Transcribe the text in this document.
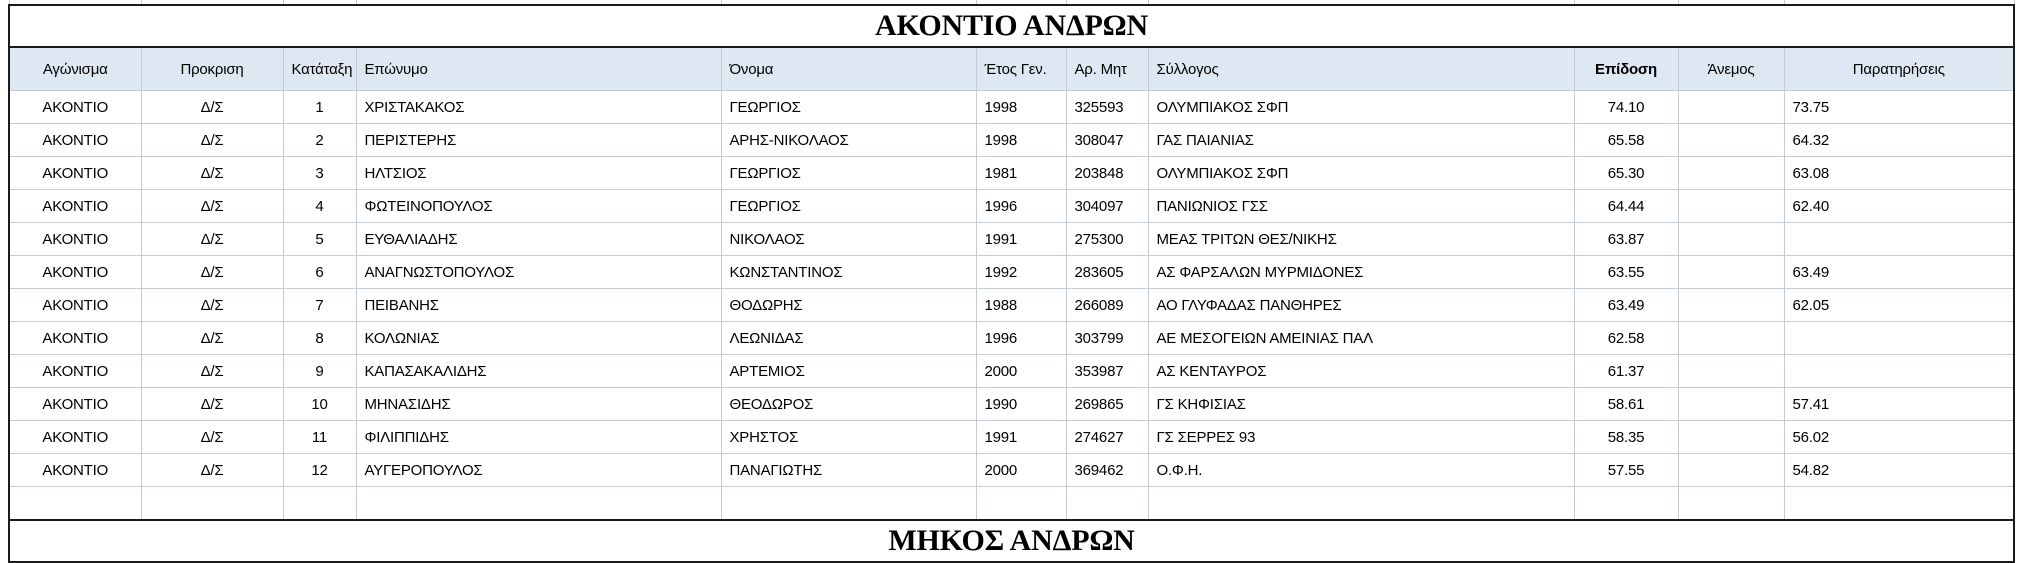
ΑΚΟΝΤΙΟ ΑΝΔΡΩΝ										
Αγώνισμα	Προκριση	Κατάταξη	Επώνυμο	Όνομα	Έτος Γεν.	Αρ. Μητ	Σύλλογος	Επίδοση	Άνεμος	Παρατηρήσεις
ΑΚΟΝΤΙΟ	Δ/Σ	1	ΧΡΙΣΤΑΚΑΚΟΣ	ΓΕΩΡΓΙΟΣ	1998	325593	ΟΛΥΜΠΙΑΚΟΣ ΣΦΠ	74.10		73.75
ΑΚΟΝΤΙΟ	Δ/Σ	2	ΠΕΡΙΣΤΕΡΗΣ	ΑΡΗΣ-ΝΙΚΟΛΑΟΣ	1998	308047	ΓΑΣ ΠΑΙΑΝΙΑΣ	65.58		64.32
ΑΚΟΝΤΙΟ	Δ/Σ	3	ΗΛΤΣΙΟΣ	ΓΕΩΡΓΙΟΣ	1981	203848	ΟΛΥΜΠΙΑΚΟΣ ΣΦΠ	65.30		63.08
ΑΚΟΝΤΙΟ	Δ/Σ	4	ΦΩΤΕΙΝΟΠΟΥΛΟΣ	ΓΕΩΡΓΙΟΣ	1996	304097	ΠΑΝΙΩΝΙΟΣ ΓΣΣ	64.44		62.40
ΑΚΟΝΤΙΟ	Δ/Σ	5	ΕΥΘΑΛΙΑΔΗΣ	ΝΙΚΟΛΑΟΣ	1991	275300	ΜΕΑΣ ΤΡΙΤΩΝ ΘΕΣ/ΝΙΚΗΣ	63.87		
ΑΚΟΝΤΙΟ	Δ/Σ	6	ΑΝΑΓΝΩΣΤΟΠΟΥΛΟΣ	ΚΩΝΣΤΑΝΤΙΝΟΣ	1992	283605	ΑΣ ΦΑΡΣΑΛΩΝ ΜΥΡΜΙΔΟΝΕΣ	63.55		63.49
ΑΚΟΝΤΙΟ	Δ/Σ	7	ΠΕΙΒΑΝΗΣ	ΘΟΔΩΡΗΣ	1988	266089	ΑΟ ΓΛΥΦΑΔΑΣ ΠΑΝΘΗΡΕΣ	63.49		62.05
ΑΚΟΝΤΙΟ	Δ/Σ	8	ΚΟΛΩΝΙΑΣ	ΛΕΩΝΙΔΑΣ	1996	303799	ΑΕ ΜΕΣΟΓΕΙΩΝ ΑΜΕΙΝΙΑΣ ΠΑΛ	62.58		
ΑΚΟΝΤΙΟ	Δ/Σ	9	ΚΑΠΑΣΑΚΑΛΙΔΗΣ	ΑΡΤΕΜΙΟΣ	2000	353987	ΑΣ ΚΕΝΤΑΥΡΟΣ	61.37		
ΑΚΟΝΤΙΟ	Δ/Σ	10	ΜΗΝΑΣΙΔΗΣ	ΘΕΟΔΩΡΟΣ	1990	269865	ΓΣ ΚΗΦΙΣΙΑΣ	58.61		57.41
ΑΚΟΝΤΙΟ	Δ/Σ	11	ΦΙΛΙΠΠΙΔΗΣ	ΧΡΗΣΤΟΣ	1991	274627	ΓΣ ΣΕΡΡΕΣ 93	58.35		56.02
ΑΚΟΝΤΙΟ	Δ/Σ	12	ΑΥΓΕΡΟΠΟΥΛΟΣ	ΠΑΝΑΓΙΩΤΗΣ	2000	369462	Ο.Φ.Η.	57.55		54.82

ΜΗΚΟΣ ΑΝΔΡΩΝ										
